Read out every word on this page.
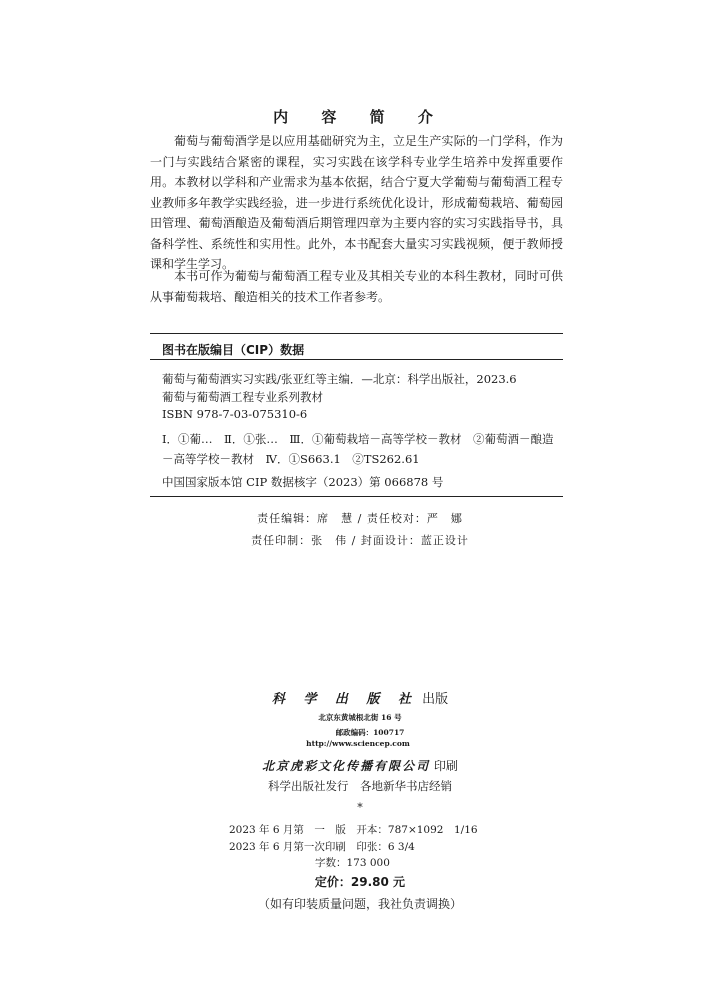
内 容 简 介

葡萄与葡萄酒学是以应用基础研究为主，立足生产实际的一门学科，作为一门与实践结合紧密的课程，实习实践在该学科专业学生培养中发挥重要作用。本教材以学科和产业需求为基本依据，结合宁夏大学葡萄与葡萄酒工程专业教师多年教学实践经验，进一步进行系统优化设计，形成葡萄栽培、葡萄园田管理、葡萄酒酿造及葡萄酒后期管理四章为主要内容的实习实践指导书，具备科学性、系统性和实用性。此外，本书配套大量实习实践视频，便于教师授课和学生学习。

本书可作为葡萄与葡萄酒工程专业及其相关专业的本科生教材，同时可供从事葡萄栽培、酿造相关的技术工作者参考。

图书在版编目（CIP）数据
葡萄与葡萄酒实习实践/张亚红等主编．—北京：科学出版社，2023.6
葡萄与葡萄酒工程专业系列教材
ISBN 978-7-03-075310-6

Ⅰ．①葡…　Ⅱ．①张…　Ⅲ．①葡萄栽培－高等学校－教材　②葡萄酒－酿造－高等学校－教材　Ⅳ．①S663.1　②TS262.61

中国国家版本馆 CIP 数据核字（2023）第 066878 号
责任编辑：席　慧 / 责任校对：严　娜
责任印制：张　伟 / 封面设计：蓝正设计
科 学 出 版 社 出版
北京东黄城根北街 16 号
邮政编码：100717
http://www.sciencep.com
北京虎彩文化传播有限公司 印刷
科学出版社发行　各地新华书店经销
*
2023 年 6 月第　一　版　开本：787×1092　1/16
2023 年 6 月第一次印刷　印张：6 3/4
字数：173 000
定价：29.80 元
（如有印装质量问题，我社负责调换）
